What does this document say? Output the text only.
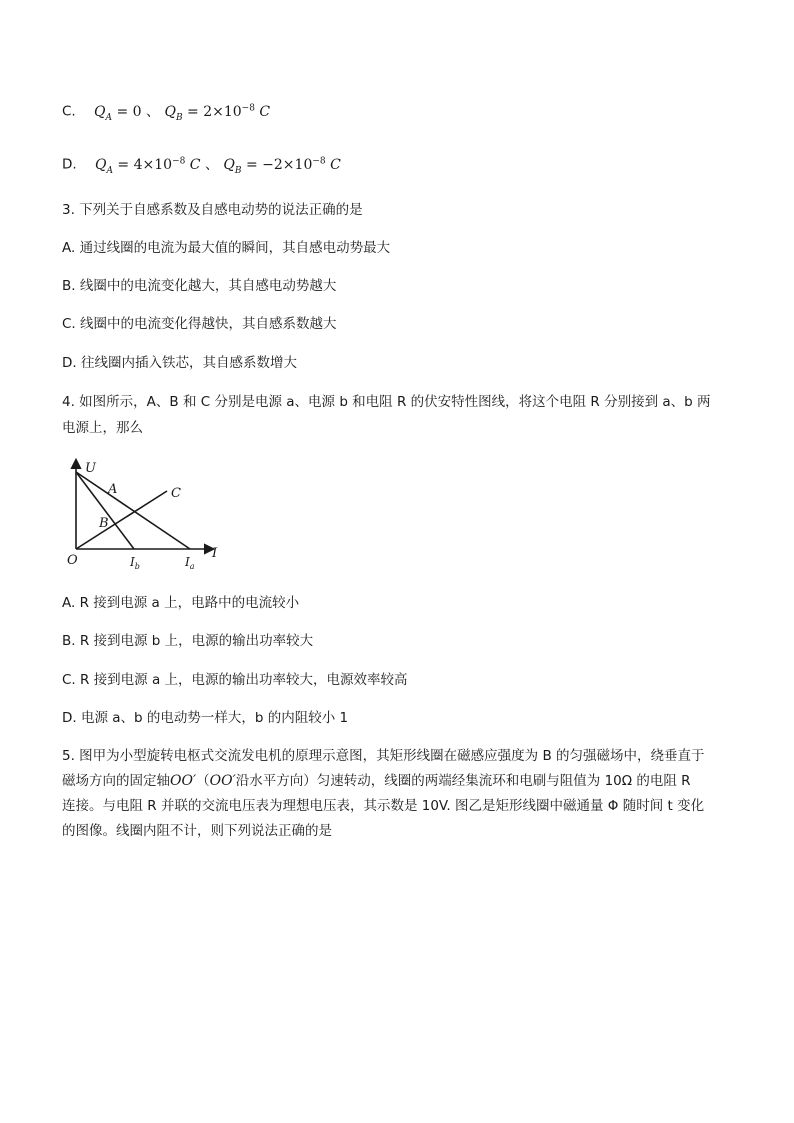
C. $Q_A = 0$ 、 $Q_B = 2\times 10^{-8}$ C
D. $Q_A = 4\times 10^{-8}$ C 、 $Q_B = -2\times 10^{-8}$ C
3. 下列关于自感系数及自感电动势的说法正确的是
A. 通过线圈的电流为最大值的瞬间，其自感电动势最大
B. 线圈中的电流变化越大，其自感电动势越大
C. 线圈中的电流变化得越快，其自感系数越大
D. 往线圈内插入铁芯，其自感系数增大
4. 如图所示，A、B 和 C 分别是电源 a、电源 b 和电阻 R 的伏安特性图线，将这个电阻 R 分别接到 a、b 两
电源上，那么
U
I
O
A
B
C
$I_b$	$I_a$
A. R 接到电源 a 上，电路中的电流较小
B. R 接到电源 b 上，电源的输出功率较大
C. R 接到电源 a 上，电源的输出功率较大，电源效率较高
D. 电源 a、b 的电动势一样大，b 的内阻较小 1
5. 图甲为小型旋转电枢式交流发电机的原理示意图，其矩形线圈在磁感应强度为 B 的匀强磁场中，绕垂直于
磁场方向的固定轴OO′（OO′沿水平方向）匀速转动，线圈的两端经集流环和电刷与阻值为 10Ω 的电阻 R
连接。与电阻 R 并联的交流电压表为理想电压表，其示数是 10V. 图乙是矩形线圈中磁通量 Φ 随时间 t 变化
的图像。线圈内阻不计，则下列说法正确的是
